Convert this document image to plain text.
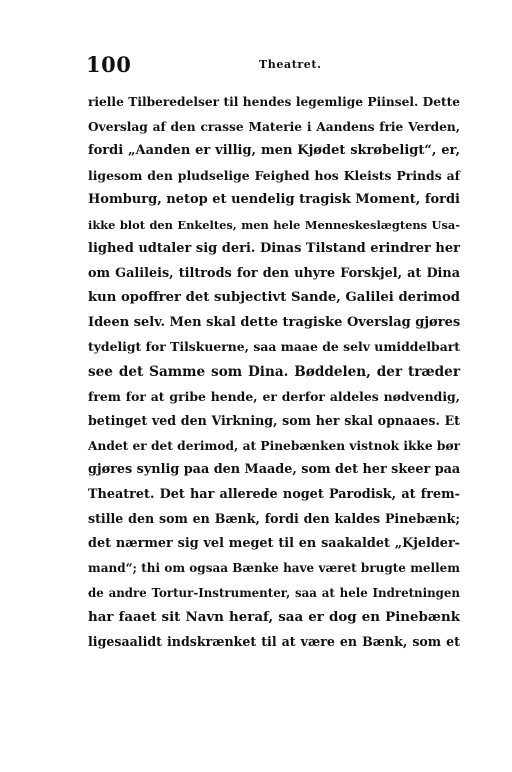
100	Theatret.
rielle Tilberedelser til hendes legemlige Piinsel. Dette
Overslag af den crasse Materie i Aandens frie Verden,
fordi „Aanden er villig, men Kjødet skrøbeligt“, er,
ligesom den pludselige Feighed hos Kleists Prinds af
Homburg, netop et uendelig tragisk Moment, fordi
ikke blot den Enkeltes, men hele Menneskeslægtens Usa-
lighed udtaler sig deri. Dinas Tilstand erindrer her
om Galileis, tiltrods for den uhyre Forskjel, at Dina
kun opoffrer det subjectivt Sande, Galilei derimod
Ideen selv. Men skal dette tragiske Overslag gjøres
tydeligt for Tilskuerne, saa maae de selv umiddelbart
see det Samme som Dina. Bøddelen, der træder
frem for at gribe hende, er derfor aldeles nødvendig,
betinget ved den Virkning, som her skal opnaaes. Et
Andet er det derimod, at Pinebænken vistnok ikke bør
gjøres synlig paa den Maade, som det her skeer paa
Theatret. Det har allerede noget Parodisk, at frem-
stille den som en Bænk, fordi den kaldes Pinebænk;
det nærmer sig vel meget til en saakaldet „Kjelder-
mand“; thi om ogsaa Bænke have været brugte mellem
de andre Tortur-Instrumenter, saa at hele Indretningen
har faaet sit Navn heraf, saa er dog en Pinebænk
ligesaalidt indskrænket til at være en Bænk, som et
